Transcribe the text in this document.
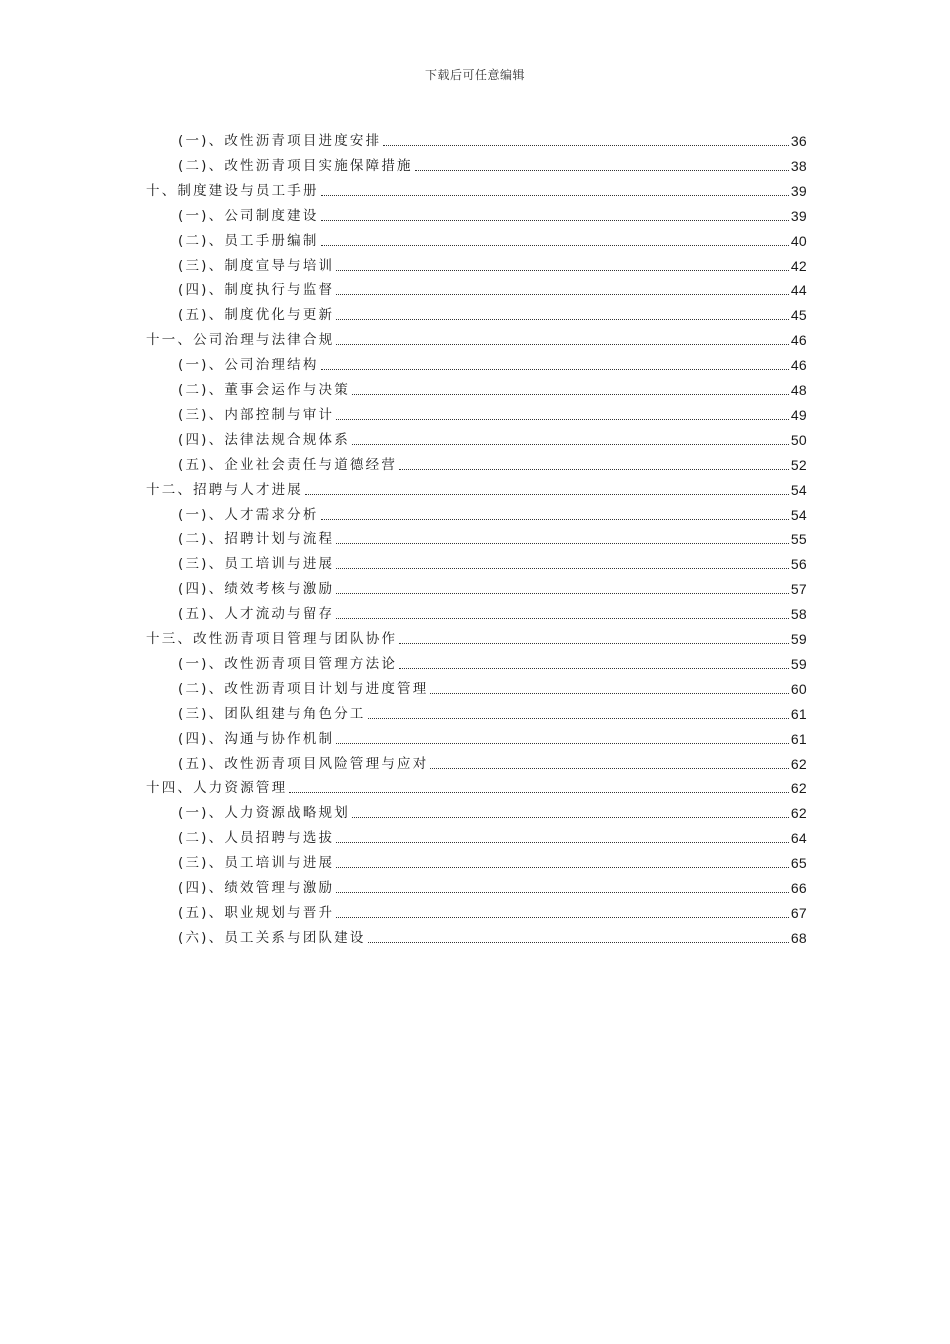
下载后可任意编辑
(一)、改性沥青项目进度安排	36
(二)、改性沥青项目实施保障措施	38
十、制度建设与员工手册	39
(一)、公司制度建设	39
(二)、员工手册编制	40
(三)、制度宣导与培训	42
(四)、制度执行与监督	44
(五)、制度优化与更新	45
十一、公司治理与法律合规	46
(一)、公司治理结构	46
(二)、董事会运作与决策	48
(三)、内部控制与审计	49
(四)、法律法规合规体系	50
(五)、企业社会责任与道德经营	52
十二、招聘与人才进展	54
(一)、人才需求分析	54
(二)、招聘计划与流程	55
(三)、员工培训与进展	56
(四)、绩效考核与激励	57
(五)、人才流动与留存	58
十三、改性沥青项目管理与团队协作	59
(一)、改性沥青项目管理方法论	59
(二)、改性沥青项目计划与进度管理	60
(三)、团队组建与角色分工	61
(四)、沟通与协作机制	61
(五)、改性沥青项目风险管理与应对	62
十四、人力资源管理	62
(一)、人力资源战略规划	62
(二)、人员招聘与选拔	64
(三)、员工培训与进展	65
(四)、绩效管理与激励	66
(五)、职业规划与晋升	67
(六)、员工关系与团队建设	68
